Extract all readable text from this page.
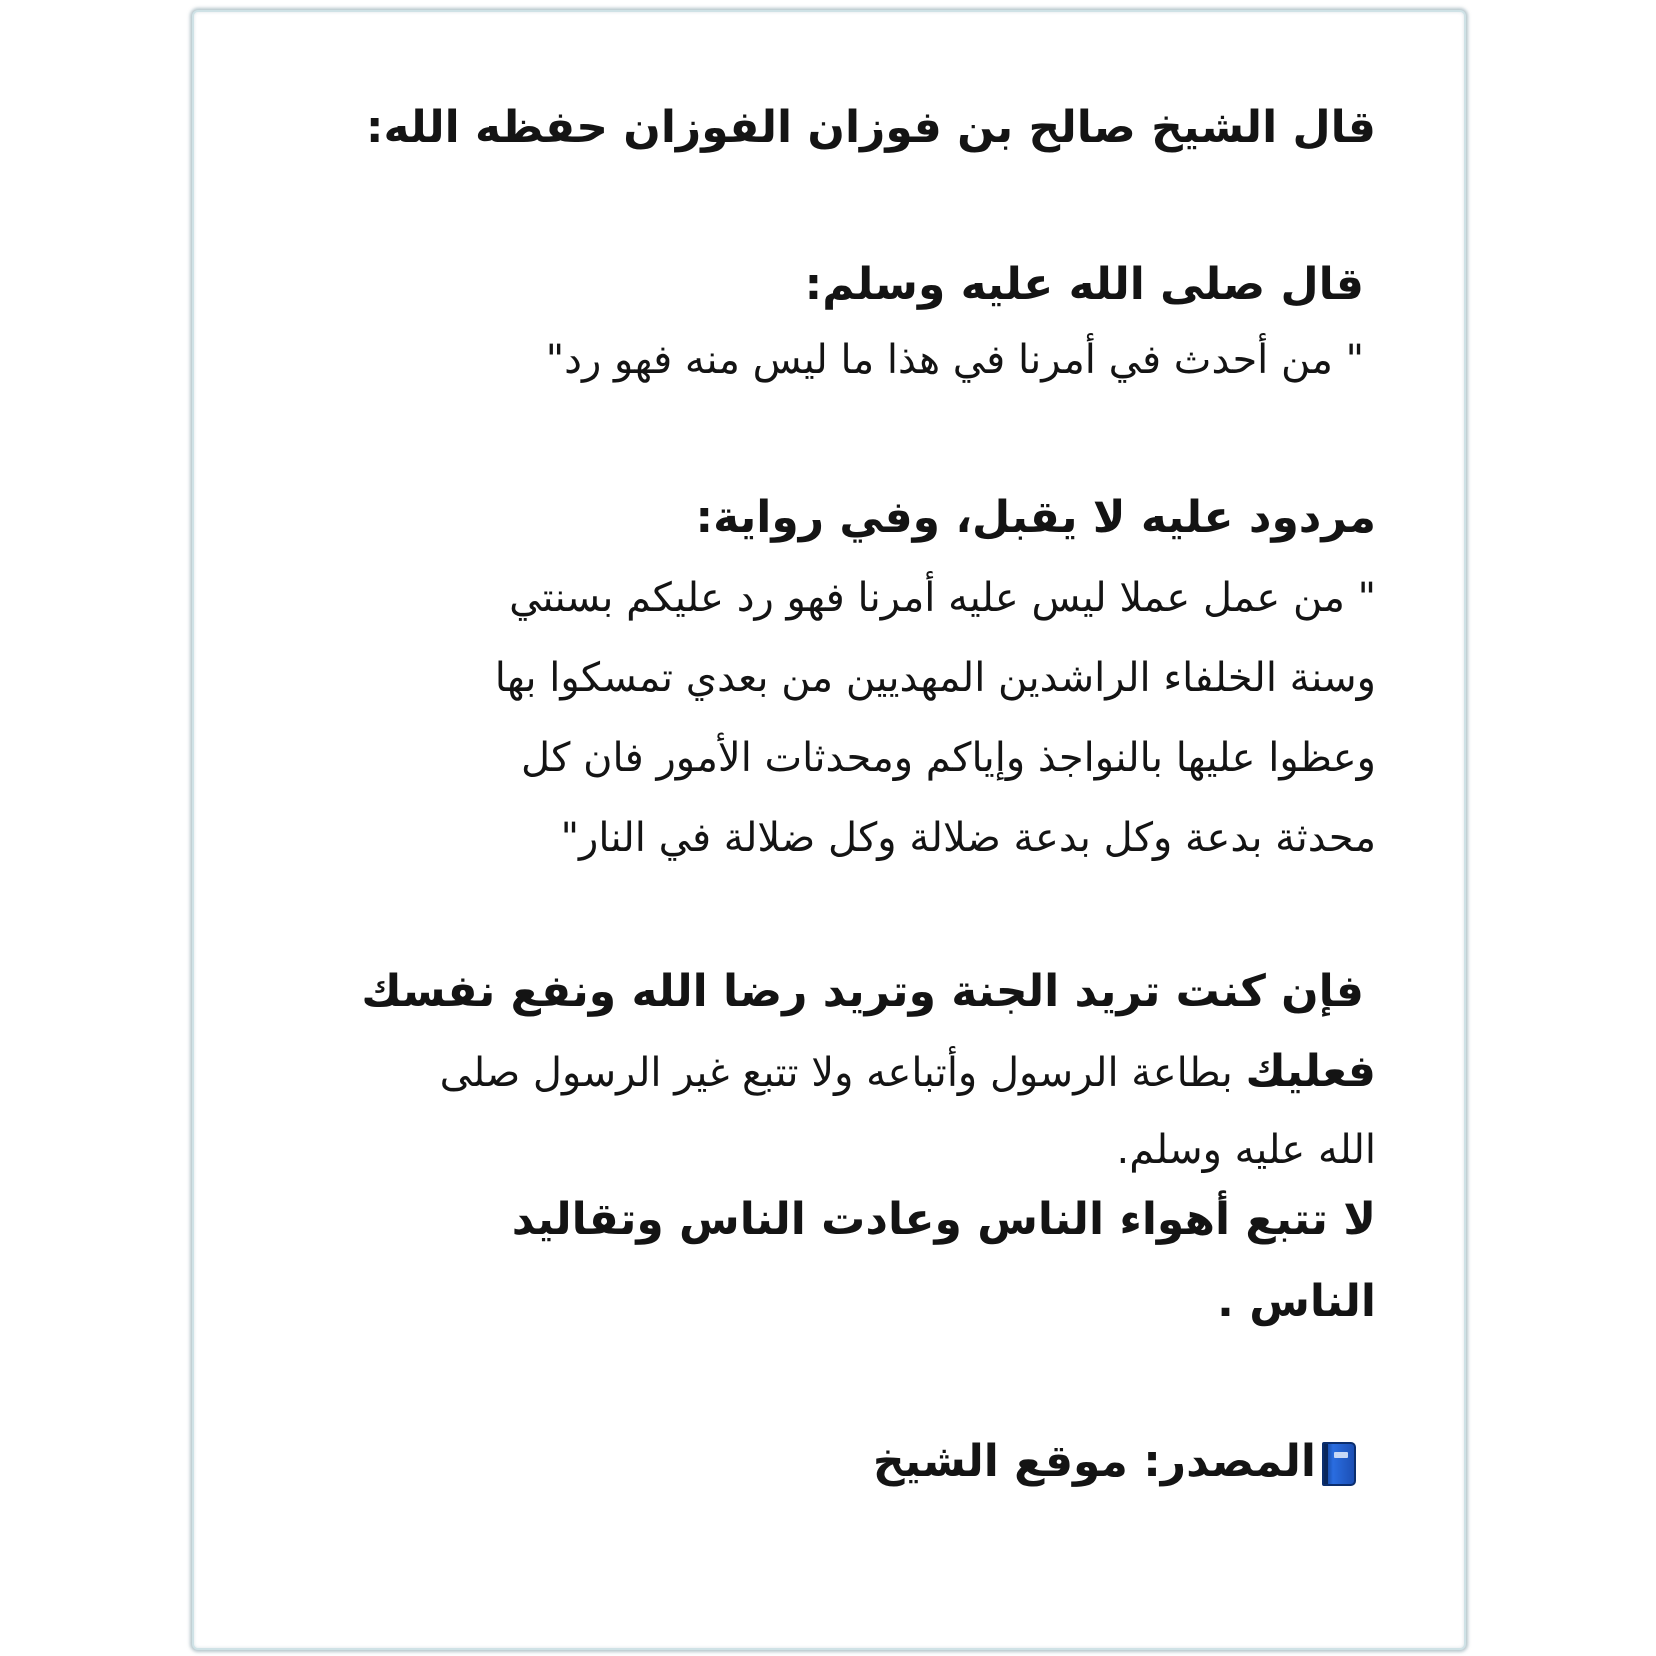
قال الشيخ صالح بن فوزان الفوزان حفظه الله:
قال صلى الله عليه وسلم:
" من أحدث في أمرنا في هذا ما ليس منه فهو رد"
مردود عليه لا يقبل، وفي رواية:
" من عمل عملا ليس عليه أمرنا فهو رد عليكم بسنتي
وسنة الخلفاء الراشدين المهديين من بعدي تمسكوا بها
وعظوا عليها بالنواجذ وإياكم ومحدثات الأمور فان كل
محدثة بدعة وكل بدعة ضلالة وكل ضلالة في النار"
فإن كنت تريد الجنة وتريد رضا الله ونفع نفسك
فعليك بطاعة الرسول وأتباعه ولا تتبع غير الرسول صلى
الله عليه وسلم.
لا تتبع أهواء الناس وعادت الناس وتقاليد
الناس .
المصدر: موقع الشيخ
